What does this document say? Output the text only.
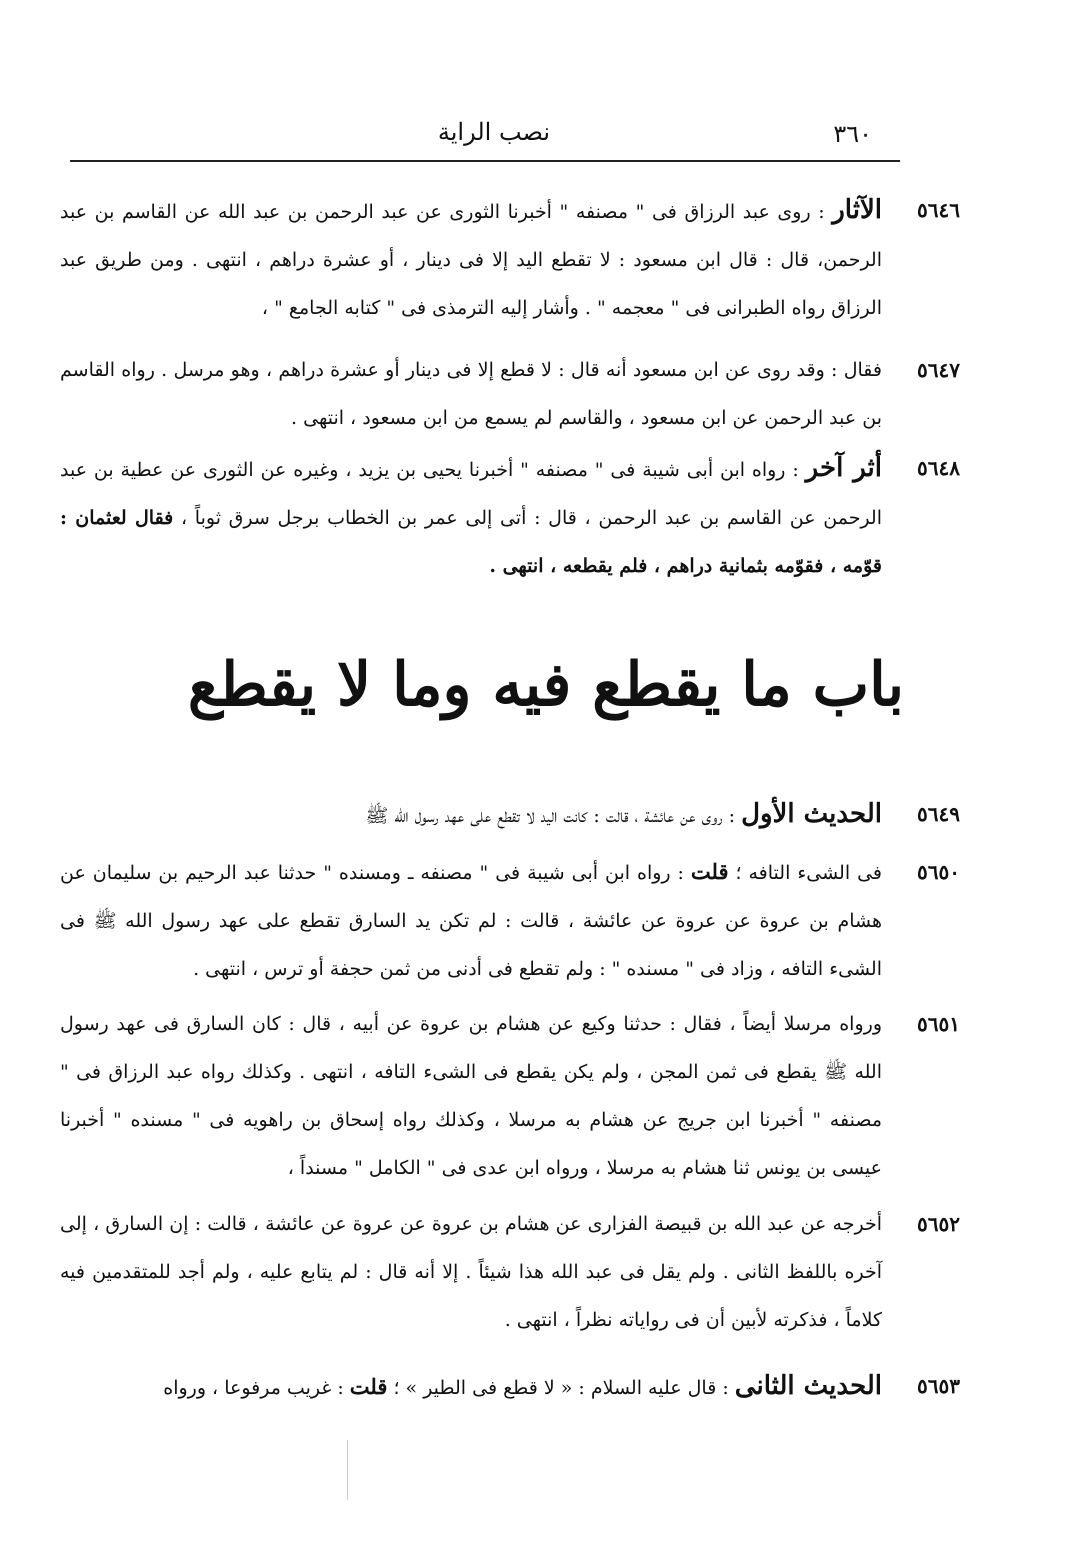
٣٦٠
نصب الراية
٥٦٤٦
الآثار : روى عبد الرزاق فى " مصنفه " أخبرنا الثورى عن عبد الرحمن بن عبد الله عن القاسم بن عبد الرحمن، قال : قال ابن مسعود : لا تقطع اليد إلا فى دينار ، أو عشرة دراهم ، انتهى . ومن طريق عبد الرزاق رواه الطبرانى فى " معجمه " . وأشار إليه الترمذى فى " كتابه الجامع " ،
٥٦٤٧
فقال : وقد روى عن ابن مسعود أنه قال : لا قطع إلا فى دينار أو عشرة دراهم ، وهو مرسل . رواه القاسم بن عبد الرحمن عن ابن مسعود ، والقاسم لم يسمع من ابن مسعود ، انتهى .
٥٦٤٨
أثر آخر : رواه ابن أبى شيبة فى " مصنفه " أخبرنا يحيى بن يزيد ، وغيره عن الثورى عن عطية بن عبد الرحمن عن القاسم بن عبد الرحمن ، قال : أتى إلى عمر بن الخطاب برجل سرق ثوباً ، فقال لعثمان : قوّمه ، فقوّمه بثمانية دراهم ، فلم يقطعه ، انتهى .
باب ما يقطع فيه وما لا يقطع
٥٦٤٩
الحديث الأول : روى عن عائشة ، قالت : كانت اليد لا تقطع على عهد رسول الله ﷺ
٥٦٥٠
فى الشىء التافه ؛ قلت : رواه ابن أبى شيبة فى " مصنفه ـ ومسنده " حدثنا عبد الرحيم بن سليمان عن هشام بن عروة عن عروة عن عائشة ، قالت : لم تكن يد السارق تقطع على عهد رسول الله ﷺ فى الشىء التافه ، وزاد فى " مسنده " : ولم تقطع فى أدنى من ثمن حجفة أو ترس ، انتهى .
٥٦٥١
ورواه مرسلا أيضاً ، فقال : حدثنا وكيع عن هشام بن عروة عن أبيه ، قال : كان السارق فى عهد رسول الله ﷺ يقطع فى ثمن المجن ، ولم يكن يقطع فى الشىء التافه ، انتهى . وكذلك رواه عبد الرزاق فى " مصنفه " أخبرنا ابن جريج عن هشام به مرسلا ، وكذلك رواه إسحاق بن راهويه فى " مسنده " أخبرنا عيسى بن يونس ثنا هشام به مرسلا ، ورواه ابن عدى فى " الكامل " مسنداً ،
٥٦٥٢
أخرجه عن عبد الله بن قبيصة الفزارى عن هشام بن عروة عن عروة عن عائشة ، قالت : إن السارق ، إلى آخره باللفظ الثانى . ولم يقل فى عبد الله هذا شيئاً . إلا أنه قال : لم يتابع عليه ، ولم أجد للمتقدمين فيه كلاماً ، فذكرته لأبين أن فى رواياته نظراً ، انتهى .
٥٦٥٣
الحديث الثانى : قال عليه السلام : « لا قطع فى الطير » ؛ قلت : غريب مرفوعا ، ورواه
